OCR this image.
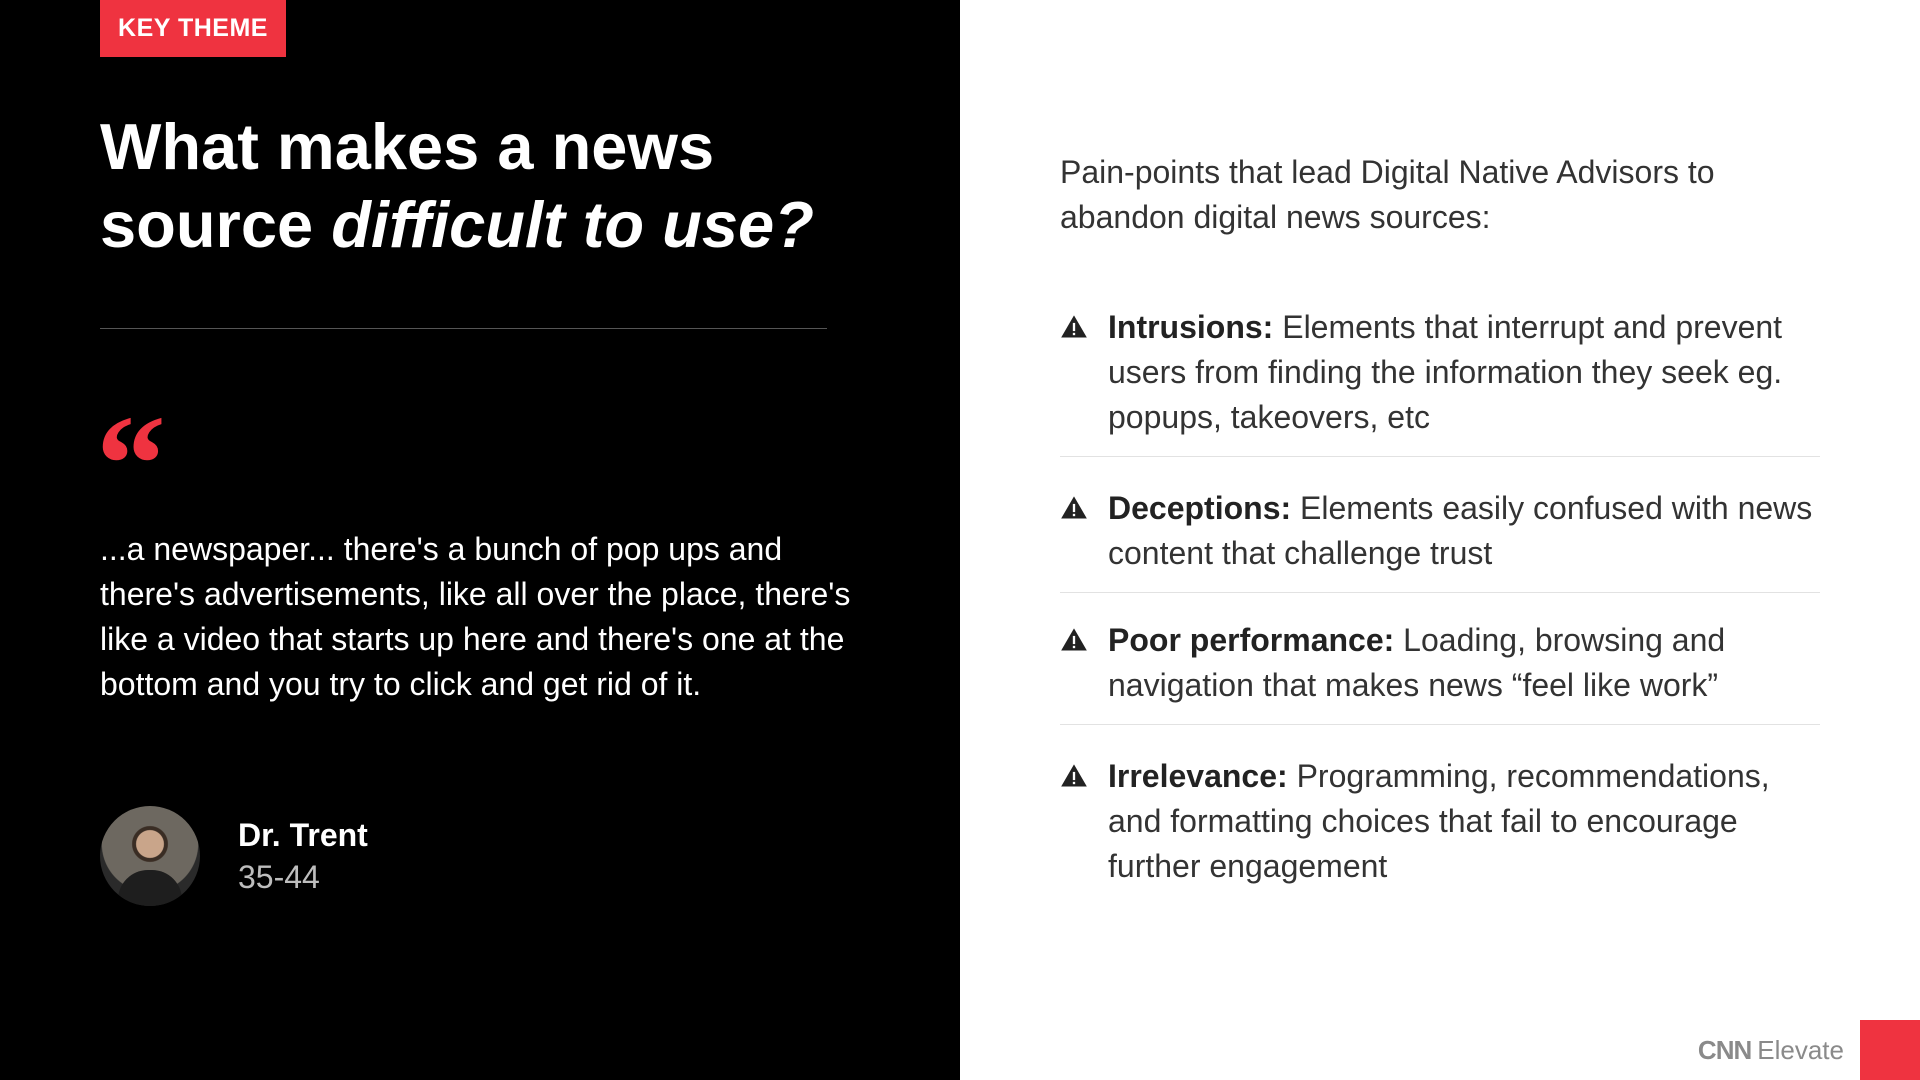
KEY THEME
What makes a news source difficult to use?
“

...a newspaper... there's a bunch of pop ups and there's advertisements, like all over the place, there's like a video that starts up here and there's one at the bottom and you try to click and get rid of it.

Dr. Trent
35-44

Pain-points that lead Digital Native Advisors to abandon digital news sources:

Intrusions: Elements that interrupt and prevent users from finding the information they seek eg. popups, takeovers, etc

Deceptions: Elements easily confused with news content that challenge trust

Poor performance: Loading, browsing and navigation that makes news “feel like work”

Irrelevance: Programming, recommendations, and formatting choices that fail to encourage further engagement

CNN Elevate
